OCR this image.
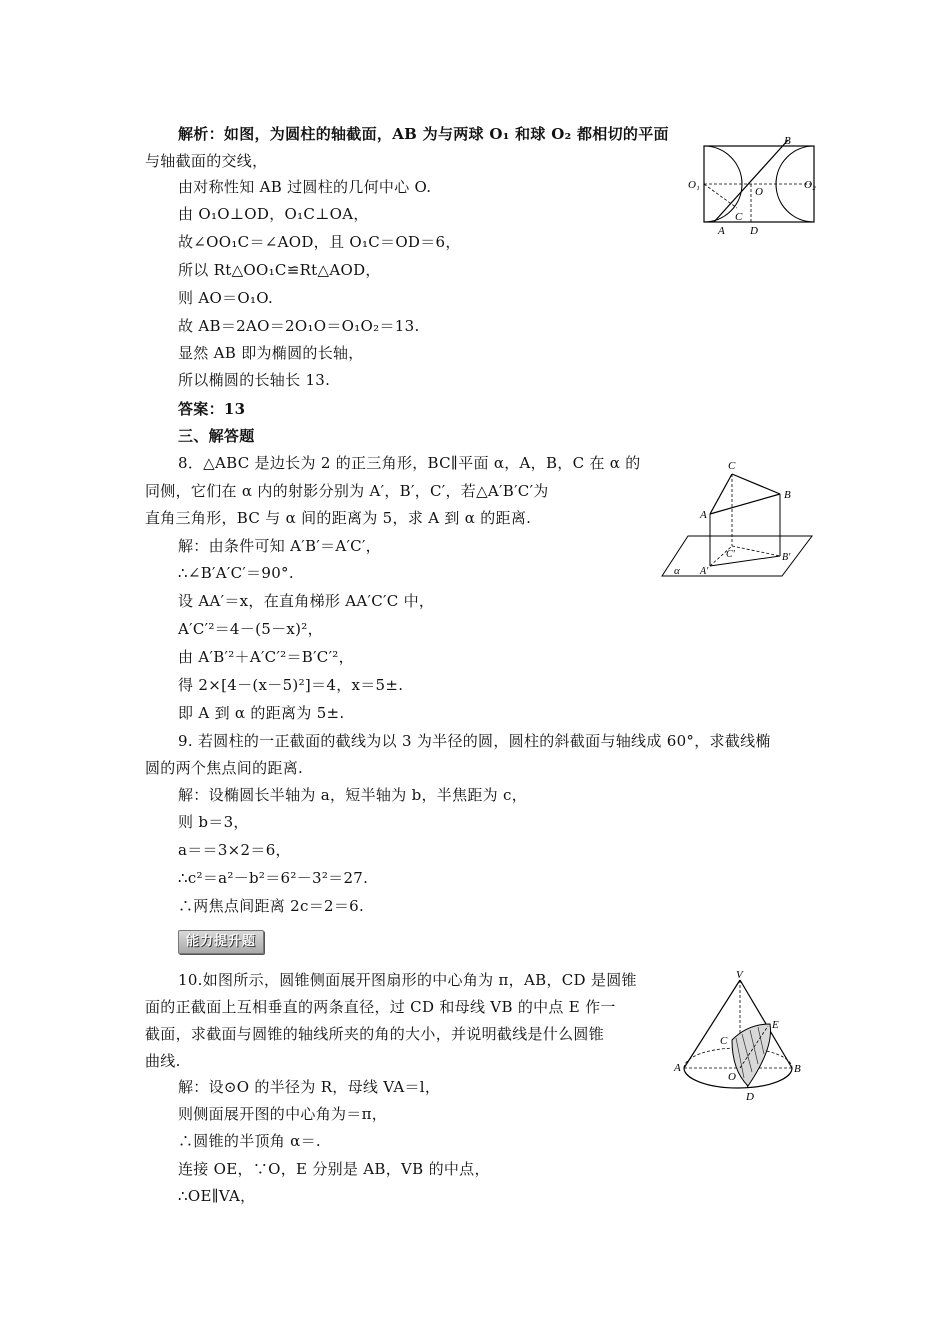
解析：如图，为圆柱的轴截面，AB 为与两球 O₁ 和球 O₂ 都相切的平面
与轴截面的交线，
由对称性知 AB 过圆柱的几何中心 O.
由 O₁O⊥OD，O₁C⊥OA，
故∠OO₁C＝∠AOD，且 O₁C＝OD＝6，
所以 Rt△OO₁C≌Rt△AOD，
则 AO＝O₁O.
故 AB＝2AO＝2O₁O＝O₁O₂＝13.
显然 AB 即为椭圆的长轴，
所以椭圆的长轴长 13.
答案：13
三、解答题
8．△ABC 是边长为 2 的正三角形，BC∥平面 α，A，B，C 在 α 的
同侧，它们在 α 内的射影分别为 A′，B′，C′，若△A′B′C′为
直角三角形，BC 与 α 间的距离为 5，求 A 到 α 的距离.
解：由条件可知 A′B′＝A′C′，
∴∠B′A′C′＝90°.
设 AA′＝x，在直角梯形 AA′C′C 中，
A′C′²＝4－(5－x)²，
由 A′B′²＋A′C′²＝B′C′²，
得 2×[4－(x－5)²]＝4，x＝5±.
即 A 到 α 的距离为 5±.
9. 若圆柱的一正截面的截线为以 3 为半径的圆，圆柱的斜截面与轴线成 60°，求截线椭
圆的两个焦点间的距离.
解：设椭圆长半轴为 a，短半轴为 b，半焦距为 c，
则 b＝3，
a＝＝3×2＝6，
∴c²＝a²－b²＝6²－3²＝27.
∴两焦点间距离 2c＝2＝6.
能力提升题
10.如图所示，圆锥侧面展开图扇形的中心角为 π，AB，CD 是圆锥
面的正截面上互相垂直的两条直径，过 CD 和母线 VB 的中点 E 作一
截面，求截面与圆锥的轴线所夹的角的大小，并说明截线是什么圆锥
曲线.
解：设⊙O 的半径为 R，母线 VA＝l，
则侧面展开图的中心角为＝π，
∴圆锥的半顶角 α＝.
连接 OE，∵O，E 分别是 AB，VB 的中点，
∴OE∥VA，
B
O₁
O
O₂
C
A D
C
B
A
C′	B′
α A′
V
E
C
A
O
B
D
